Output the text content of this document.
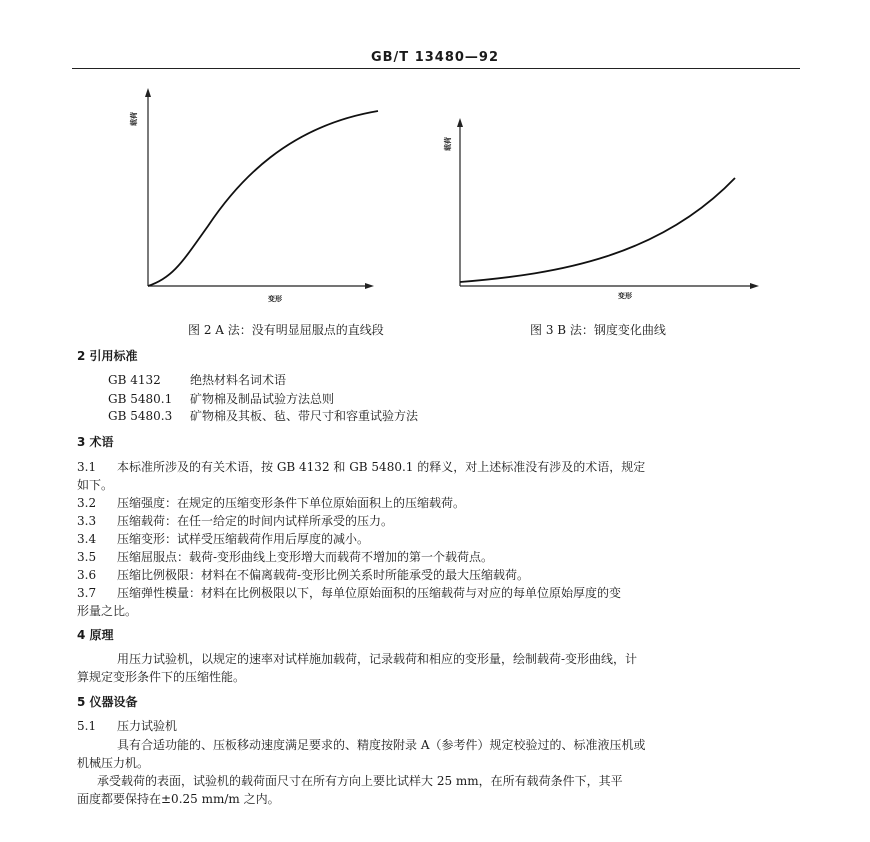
GB/T 13480—92
载荷
变形
载荷
变形
图 2 A 法：没有明显屈服点的直线段	图 3 B 法：钢度变化曲线
2 引用标准
GB 4132 绝热材料名词术语
GB 5480.1 矿物棉及制品试验方法总则
GB 5480.3 矿物棉及其板、毡、带尺寸和容重试验方法
3 术语
3.1 本标准所涉及的有关术语，按 GB 4132 和 GB 5480.1 的释义，对上述标准没有涉及的术语，规定
如下。
3.2 压缩强度：在规定的压缩变形条件下单位原始面积上的压缩载荷。
3.3 压缩载荷：在任一给定的时间内试样所承受的压力。
3.4 压缩变形：试样受压缩载荷作用后厚度的减小。
3.5 压缩屈服点：载荷-变形曲线上变形增大而载荷不增加的第一个载荷点。
3.6 压缩比例极限：材料在不偏离载荷-变形比例关系时所能承受的最大压缩载荷。
3.7 压缩弹性模量：材料在比例极限以下，每单位原始面积的压缩载荷与对应的每单位原始厚度的变
形量之比。
4 原理
用压力试验机，以规定的速率对试样施加载荷，记录载荷和相应的变形量，绘制载荷-变形曲线，计
算规定变形条件下的压缩性能。
5 仪器设备
5.1 压力试验机
具有合适功能的、压板移动速度满足要求的、精度按附录 A（参考件）规定校验过的、标准液压机或
机械压力机。
承受载荷的表面，试验机的载荷面尺寸在所有方向上要比试样大 25 mm，在所有载荷条件下，其平
面度都要保持在±0.25 mm/m 之内。
